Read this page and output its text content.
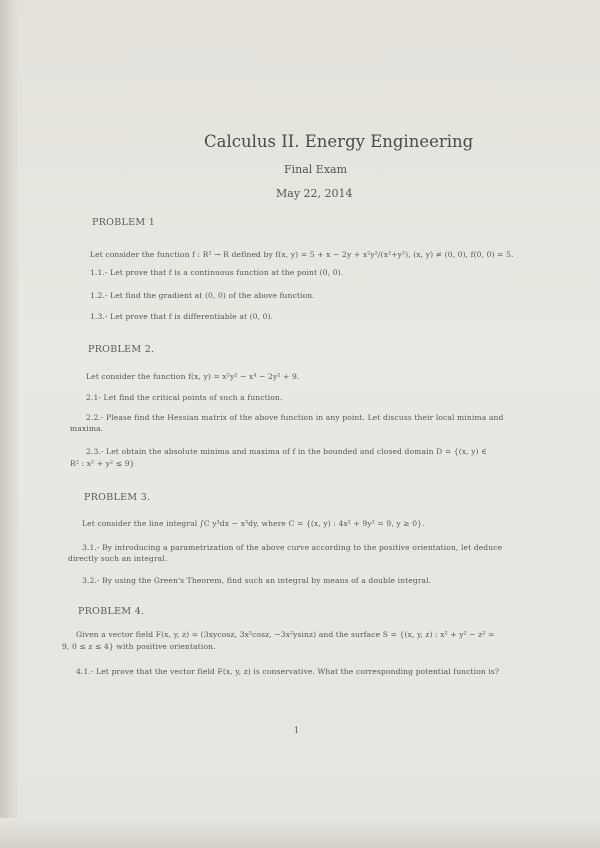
Calculus II. Energy Engineering
Final Exam
May 22, 2014
PROBLEM 1
Let consider the function f : R² → R defined by f(x, y) = 5 + x − 2y + x²y²/(x²+y²), (x, y) ≠ (0, 0), f(0, 0) = 5.
1.1.- Let prove that f is a continuous function at the point (0, 0).
1.2.- Let find the gradient at (0, 0) of the above function.
1.3.- Let prove that f is differentiable at (0, 0).
PROBLEM 2.
Let consider the function f(x, y) = x²y² − x⁴ − 2y² + 9.
2.1- Let find the critical points of such a function.
2.2.- Please find the Hessian matrix of the above function in any point. Let discuss their local minima and
maxima.
2.3.- Let obtain the absolute minima and maxima of f in the bounded and closed domain D = {(x, y) ∈
R² : x² + y² ≤ 9}
PROBLEM 3.
Let consider the line integral ∫C y³dx − x³dy, where C = {(x, y) : 4x² + 9y² = 9, y ≥ 0}.
3.1.- By introducing a parametrization of the above curve according to the positive orientation, let deduce
directly such an integral.
3.2.- By using the Green's Theorem, find such an integral by means of a double integral.
PROBLEM 4.
Given a vector field F(x, y, z) = (3xycosz, 3x²cosz, −3x²ysinz) and the surface S = {(x, y, z) : x² + y² − z² =
9, 0 ≤ z ≤ 4} with positive orientation.
4.1.- Let prove that the vector field F(x, y, z) is conservative. What the corresponding potential function is?
1
